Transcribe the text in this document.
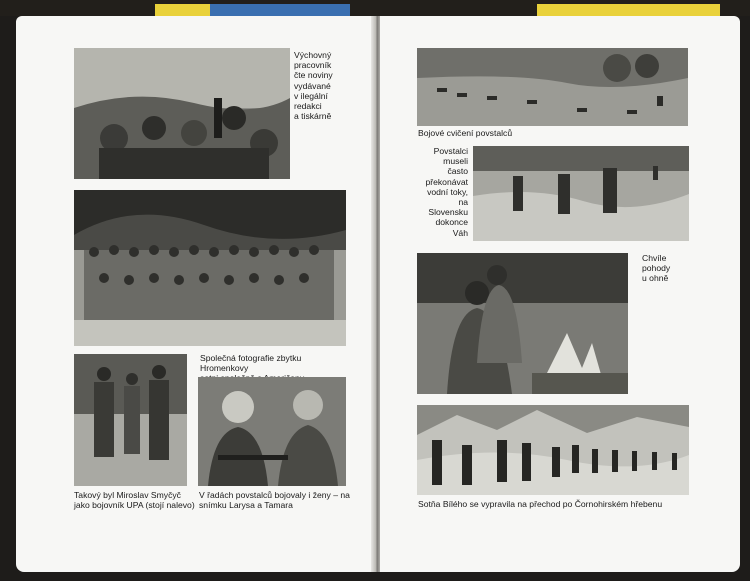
Výchovný
pracovník
čte noviny
vydávané
v ilegální
redakci
a tiskárně
Společná fotografie zbytku Hromenkovy
Takový byl Miroslav Smyčyč
jako bojovník UPA (stojí nalevo)
V řadách povstalců bojovaly i ženy – na
snímku Larysa a Tamara
Bojové cvičení povstalců
Povstalci
museli
často
překonávat
vodní toky,
na
Slovensku
dokonce
Váh
Chvíle
pohody
u ohně
Sotňa Bílého se vypravila na přechod po Čornohirském hřebenu
